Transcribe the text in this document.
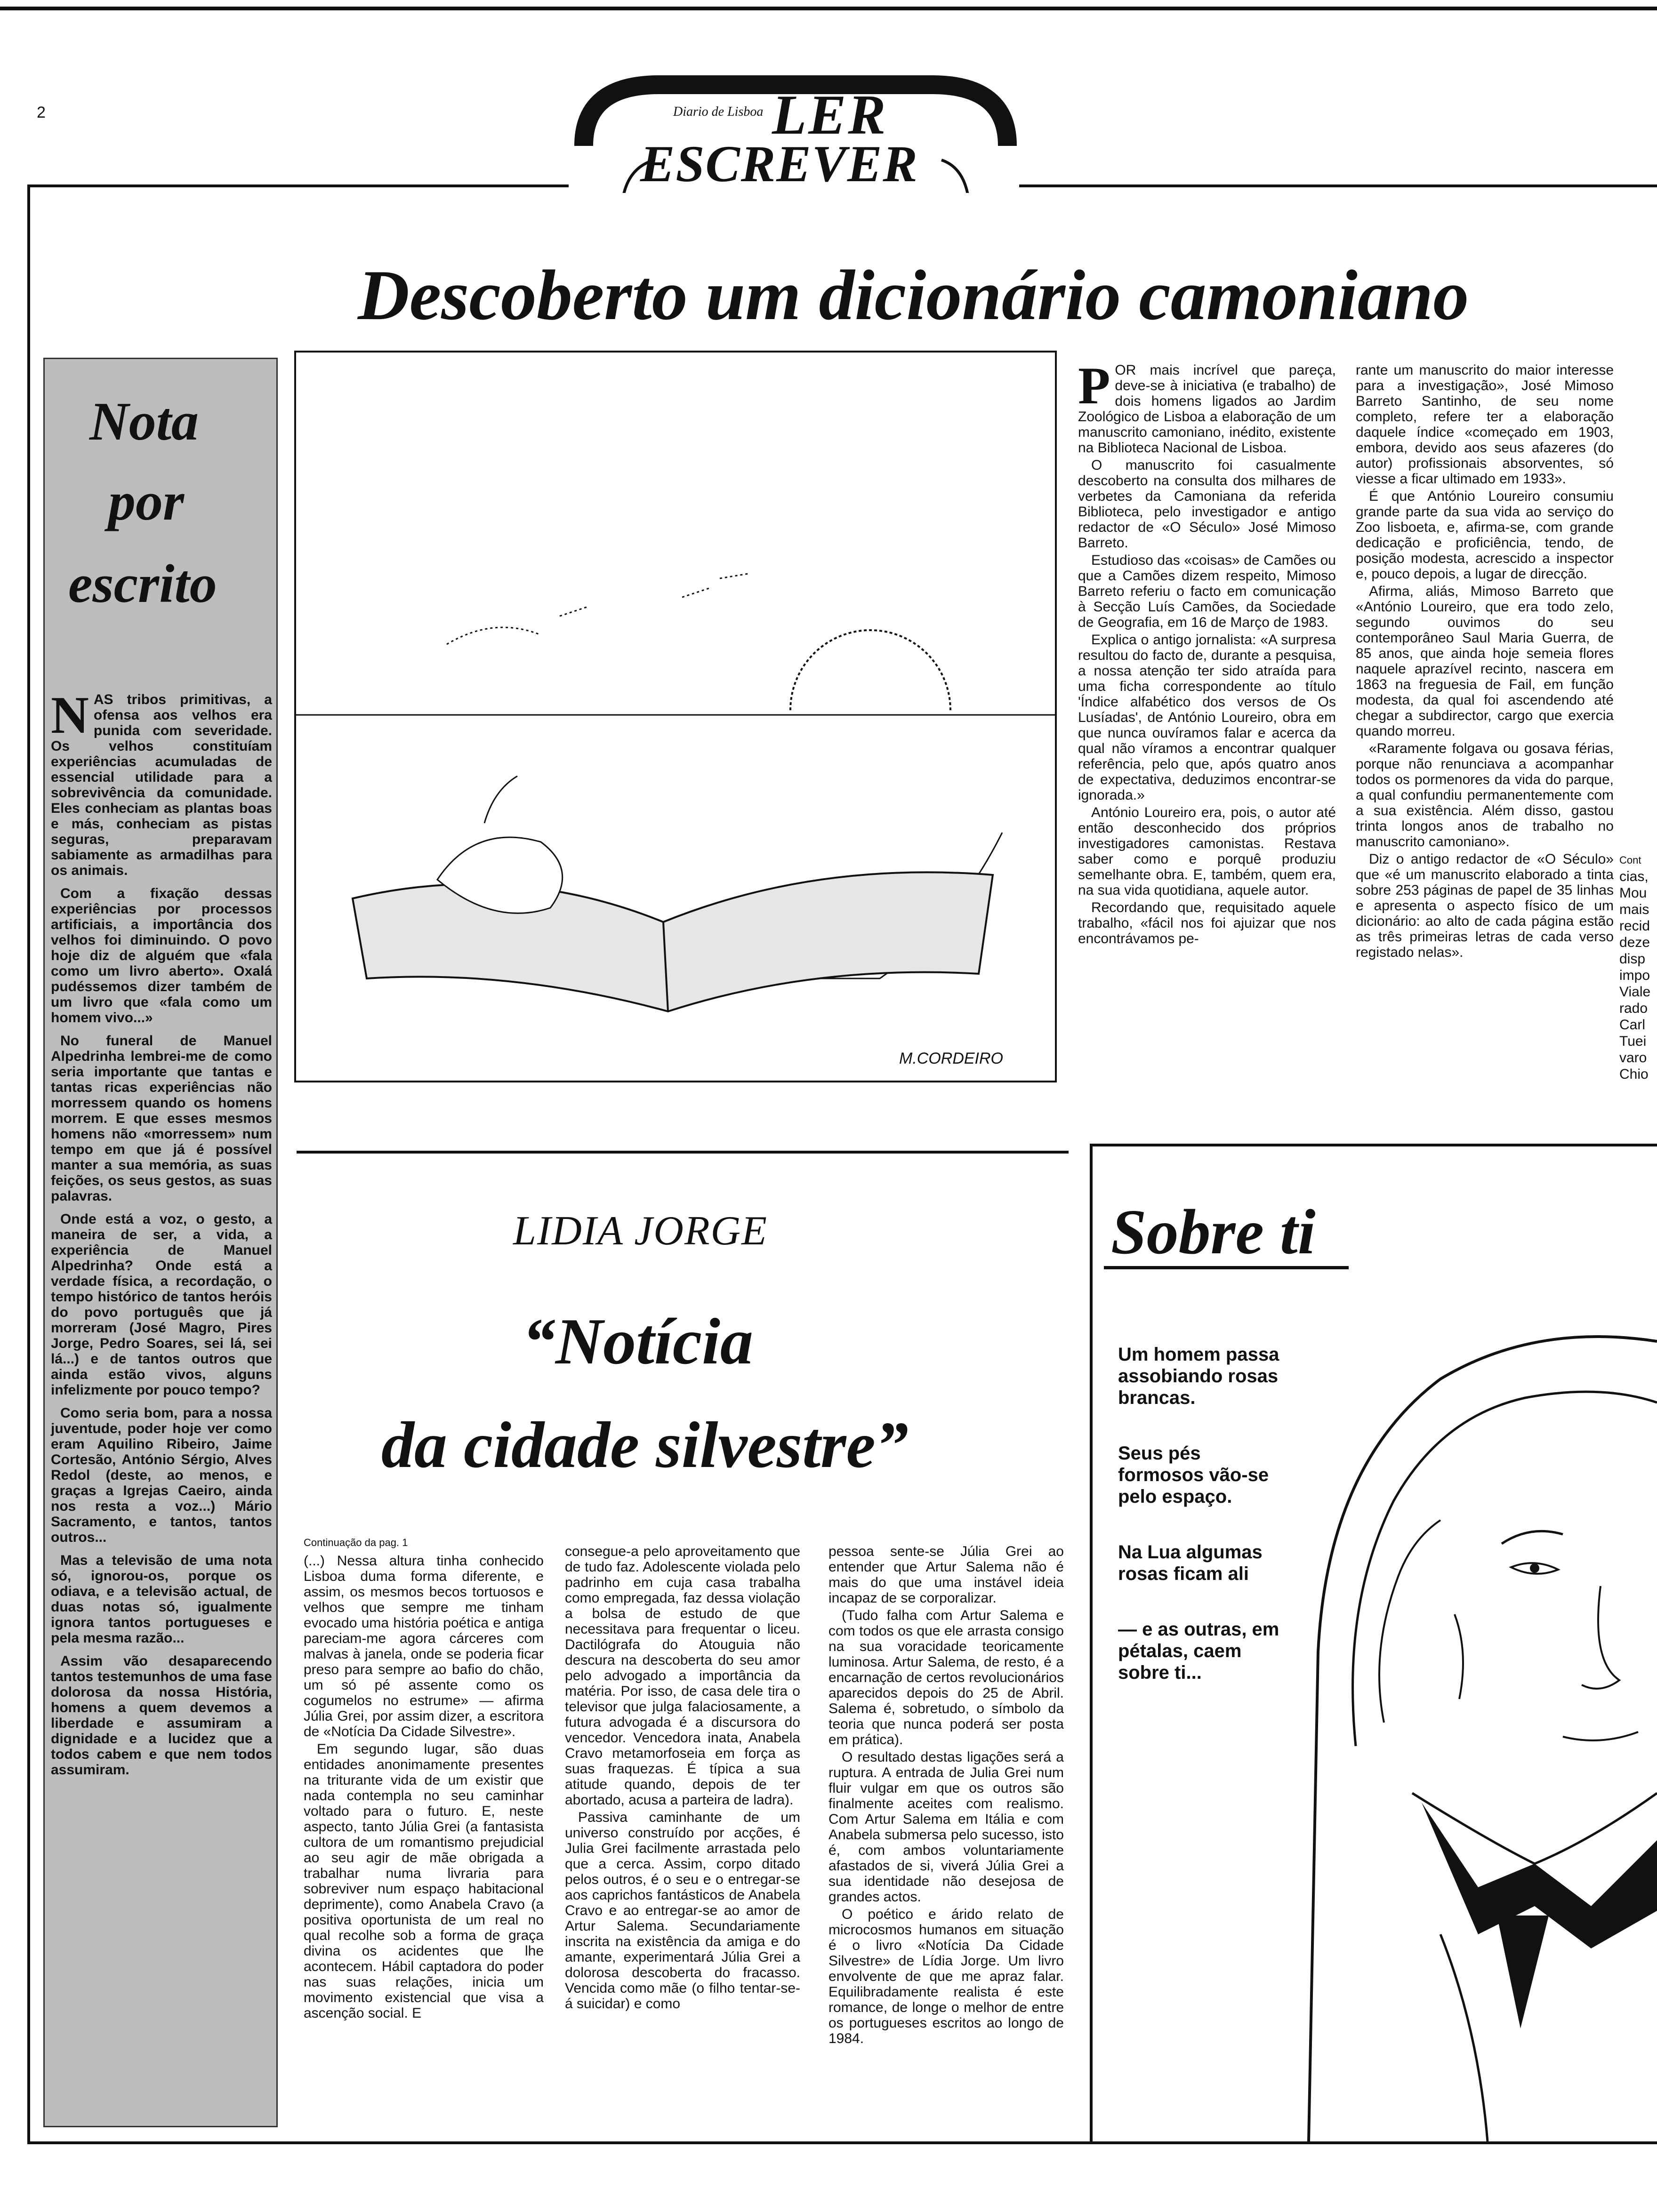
2	Diario de Lisboa LER
ESCREVER
Nota
por
escrito

NAS tribos primitivas, a ofensa aos velhos era punida com severidade. Os velhos constituíam experiências acumuladas de essencial utilidade para a sobrevivência da comunidade. Eles conheciam as plantas boas e más, conheciam as pistas seguras, preparavam sabiamente as armadilhas para os animais.

Com a fixação dessas experiências por processos artificiais, a importância dos velhos foi diminuindo. O povo hoje diz de alguém que «fala como um livro aberto». Oxalá pudéssemos dizer também de um livro que «fala como um homem vivo...»

No funeral de Manuel Alpedrinha lembrei-me de como seria importante que tantas e tantas ricas experiências não morressem quando os homens morrem. E que esses mesmos homens não «morressem» num tempo em que já é possível manter a sua memória, as suas feições, os seus gestos, as suas palavras.

Onde está a voz, o gesto, a maneira de ser, a vida, a experiência de Manuel Alpedrinha? Onde está a verdade física, a recordação, o tempo histórico de tantos heróis do povo português que já morreram (José Magro, Pires Jorge, Pedro Soares, sei lá, sei lá...) e de tantos outros que ainda estão vivos, alguns infelizmente por pouco tempo?

Como seria bom, para a nossa juventude, poder hoje ver como eram Aquilino Ribeiro, Jaime Cortesão, António Sérgio, Alves Redol (deste, ao menos, e graças a Igrejas Caeiro, ainda nos resta a voz...) Mário Sacramento, e tantos, tantos outros...

Mas a televisão de uma nota só, ignorou-os, porque os odiava, e a televisão actual, de duas notas só, igualmente ignora tantos portugueses e pela mesma razão...

Assim vão desaparecendo tantos testemunhos de uma fase dolorosa da nossa História, homens a quem devemos a liberdade e assumiram a dignidade e a lucidez que a todos cabem e que nem todos assumiram.

Descoberto um dicionário camoniano
M.CORDEIRO

POR mais incrível que pareça, deve-se à iniciativa (e trabalho) de dois homens ligados ao Jardim Zoológico de Lisboa a elaboração de um manuscrito camoniano, inédito, existente na Biblioteca Nacional de Lisboa.

O manuscrito foi casualmente descoberto na consulta dos milhares de verbetes da Camoniana da referida Biblioteca, pelo investigador e antigo redactor de «O Século» José Mimoso Barreto.

Estudioso das «coisas» de Camões ou que a Camões dizem respeito, Mimoso Barreto referiu o facto em comunicação à Secção Luís Camões, da Sociedade de Geografia, em 16 de Março de 1983.

Explica o antigo jornalista: «A surpresa resultou do facto de, durante a pesquisa, a nossa atenção ter sido atraída para uma ficha correspondente ao título 'Índice alfabético dos versos de Os Lusíadas', de António Loureiro, obra em que nunca ouvíramos falar e acerca da qual não víramos a encontrar qualquer referência, pelo que, após quatro anos de expectativa, deduzimos encontrar-se ignorada.»

António Loureiro era, pois, o autor até então desconhecido dos próprios investigadores camonistas. Restava saber como e porquê produziu semelhante obra. E, também, quem era, na sua vida quotidiana, aquele autor.

Recordando que, requisitado aquele trabalho, «fácil nos foi ajuizar que nos encontrávamos pe-

rante um manuscrito do maior interesse para a investigação», José Mimoso Barreto Santinho, de seu nome completo, refere ter a elaboração daquele índice «começado em 1903, embora, devido aos seus afazeres (do autor) profissionais absorventes, só viesse a ficar ultimado em 1933».

É que António Loureiro consumiu grande parte da sua vida ao serviço do Zoo lisboeta, e, afirma-se, com grande dedicação e proficiência, tendo, de posição modesta, acrescido a inspector e, pouco depois, a lugar de direcção.

Afirma, aliás, Mimoso Barreto que «António Loureiro, que era todo zelo, segundo ouvimos do seu contemporâneo Saul Maria Guerra, de 85 anos, que ainda hoje semeia flores naquele aprazível recinto, nascera em 1863 na freguesia de Fail, em função modesta, da qual foi ascendendo até chegar a subdirector, cargo que exercia quando morreu.

«Raramente folgava ou gosava férias, porque não renunciava a acompanhar todos os pormenores da vida do parque, a qual confundiu permanentemente com a sua existência. Além disso, gastou trinta longos anos de trabalho no manuscrito camoniano».

Diz o antigo redactor de «O Século» que «é um manuscrito elaborado a tinta sobre 253 páginas de papel de 35 linhas e apresenta o aspecto físico de um dicionário: ao alto de cada página estão as três primeiras letras de cada verso registado nelas».

Cont
cias,
Mou
mais
recid
deze
disp
impo
Viale
rado
Carl
Tuei
varo
Chio
LIDIA JORGE
“Notícia
da cidade silvestre”
Continuação da pag. 1

(...) Nessa altura tinha conhecido Lisboa duma forma diferente, e assim, os mesmos becos tortuosos e velhos que sempre me tinham evocado uma história poética e antiga pareciam-me agora cárceres com malvas à janela, onde se poderia ficar preso para sempre ao bafio do chão, um só pé assente como os cogumelos no estrume» — afirma Júlia Grei, por assim dizer, a escritora de «Notícia Da Cidade Silvestre».

Em segundo lugar, são duas entidades anonimamente presentes na triturante vida de um existir que nada contempla no seu caminhar voltado para o futuro. E, neste aspecto, tanto Júlia Grei (a fantasista cultora de um romantismo prejudicial ao seu agir de mãe obrigada a trabalhar numa livraria para sobreviver num espaço habitacional deprimente), como Anabela Cravo (a positiva oportunista de um real no qual recolhe sob a forma de graça divina os acidentes que lhe acontecem. Hábil captadora do poder nas suas relações, inicia um movimento existencial que visa a ascenção social. E

consegue-a pelo aproveitamento que de tudo faz. Adolescente violada pelo padrinho em cuja casa trabalha como empregada, faz dessa violação a bolsa de estudo de que necessitava para frequentar o liceu. Dactilógrafa do Atouguia não descura na descoberta do seu amor pelo advogado a importância da matéria. Por isso, de casa dele tira o televisor que julga falaciosamente, a futura advogada é a discursora do vencedor. Vencedora inata, Anabela Cravo metamorfoseia em força as suas fraquezas. É típica a sua atitude quando, depois de ter abortado, acusa a parteira de ladra).

Passiva caminhante de um universo construído por acções, é Julia Grei facilmente arrastada pelo que a cerca. Assim, corpo ditado pelos outros, é o seu e o entregar-se aos caprichos fantásticos de Anabela Cravo e ao entregar-se ao amor de Artur Salema. Secundariamente inscrita na existência da amiga e do amante, experimentará Júlia Grei a dolorosa descoberta do fracasso. Vencida como mãe (o filho tentar-se-á suicidar) e como

pessoa sente-se Júlia Grei ao entender que Artur Salema não é mais do que uma instável ideia incapaz de se corporalizar.

(Tudo falha com Artur Salema e com todos os que ele arrasta consigo na sua voracidade teoricamente luminosa. Artur Salema, de resto, é a encarnação de certos revolucionários aparecidos depois do 25 de Abril. Salema é, sobretudo, o símbolo da teoria que nunca poderá ser posta em prática).

O resultado destas ligações será a ruptura. A entrada de Julia Grei num fluir vulgar em que os outros são finalmente aceites com realismo. Com Artur Salema em Itália e com Anabela submersa pelo sucesso, isto é, com ambos voluntariamente afastados de si, viverá Júlia Grei a sua identidade não desejosa de grandes actos.

O poético e árido relato de microcosmos humanos em situação é o livro «Notícia Da Cidade Silvestre» de Lídia Jorge. Um livro envolvente de que me apraz falar. Equilibradamente realista é este romance, de longe o melhor de entre os portugueses escritos ao longo de 1984.

Sobre ti

Um homem passa assobiando rosas brancas.

Seus pés formosos vão-se pelo espaço.

Na Lua algumas rosas ficam ali

— e as outras, em pétalas, caem sobre ti...
